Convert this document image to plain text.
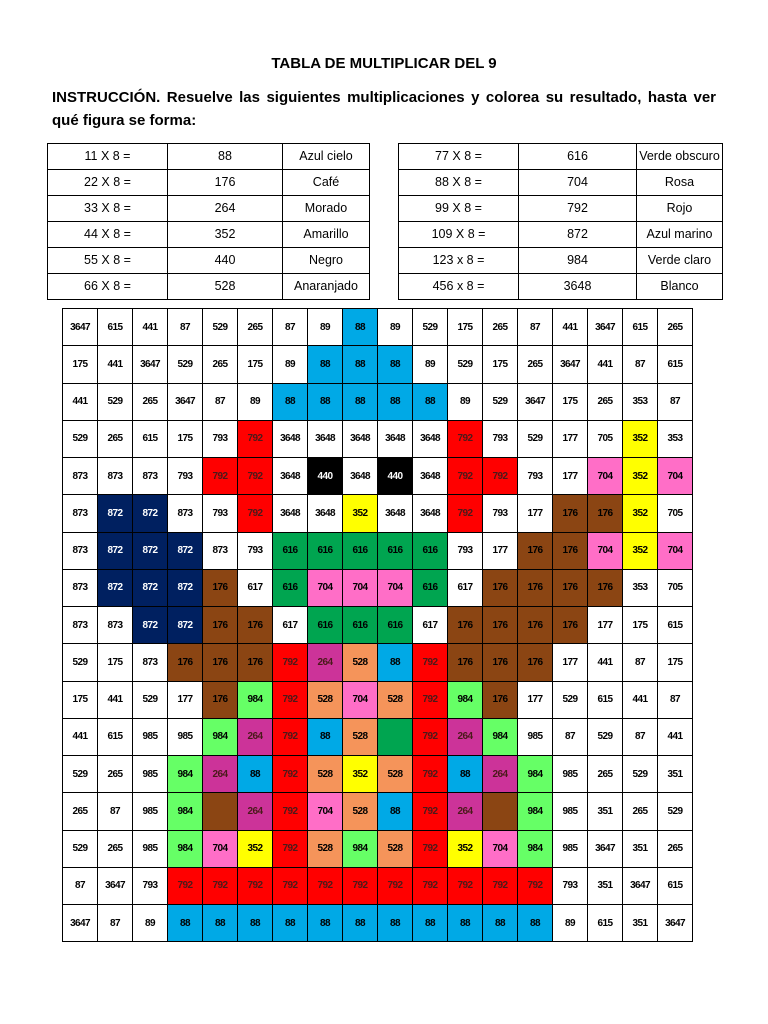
TABLA DE MULTIPLICAR DEL 9
INSTRUCCIÓN. Resuelve las siguientes multiplicaciones y colorea su resultado, hasta ver qué figura se forma:
11 X 8 =	88	Azul cielo
22 X 8 =	176	Café
33 X 8 =	264	Morado
44 X 8 =	352	Amarillo
55 X 8 =	440	Negro
66 X 8 =	528	Anaranjado
77 X 8 =	616	Verde obscuro
88 X 8 =	704	Rosa
99 X 8 =	792	Rojo
109 X 8 =	872	Azul marino
123 x 8 =	984	Verde claro
456 x 8 =	3648	Blanco
3647	615	441	87	529	265	87	89	88	89	529	175	265	87	441	3647	615	265
175	441	3647	529	265	175	89	88	88	88	89	529	175	265	3647	441	87	615
441	529	265	3647	87	89	88	88	88	88	88	89	529	3647	175	265	353	87
529	265	615	175	793	792	3648	3648	3648	3648	3648	792	793	529	177	705	352	353
873	873	873	793	792	792	3648	440	3648	440	3648	792	792	793	177	704	352	704
873	872	872	873	793	792	3648	3648	352	3648	3648	792	793	177	176	176	352	705
873	872	872	872	873	793	616	616	616	616	616	793	177	176	176	704	352	704
873	872	872	872	176	617	616	704	704	704	616	617	176	176	176	176	353	705
873	873	872	872	176	176	617	616	616	616	617	176	176	176	176	177	175	615
529	175	873	176	176	176	792	264	528	88	792	176	176	176	177	441	87	175
175	441	529	177	176	984	792	528	704	528	792	984	176	177	529	615	441	87
441	615	985	985	984	264	792	88	528		792	264	984	985	87	529	87	441
529	265	985	984	264	88	792	528	352	528	792	88	264	984	985	265	529	351
265	87	985	984		264	792	704	528	88	792	264		984	985	351	265	529
529	265	985	984	704	352	792	528	984	528	792	352	704	984	985	3647	351	265
87	3647	793	792	792	792	792	792	792	792	792	792	792	792	793	351	3647	615
3647	87	89	88	88	88	88	88	88	88	88	88	88	88	89	615	351	3647
